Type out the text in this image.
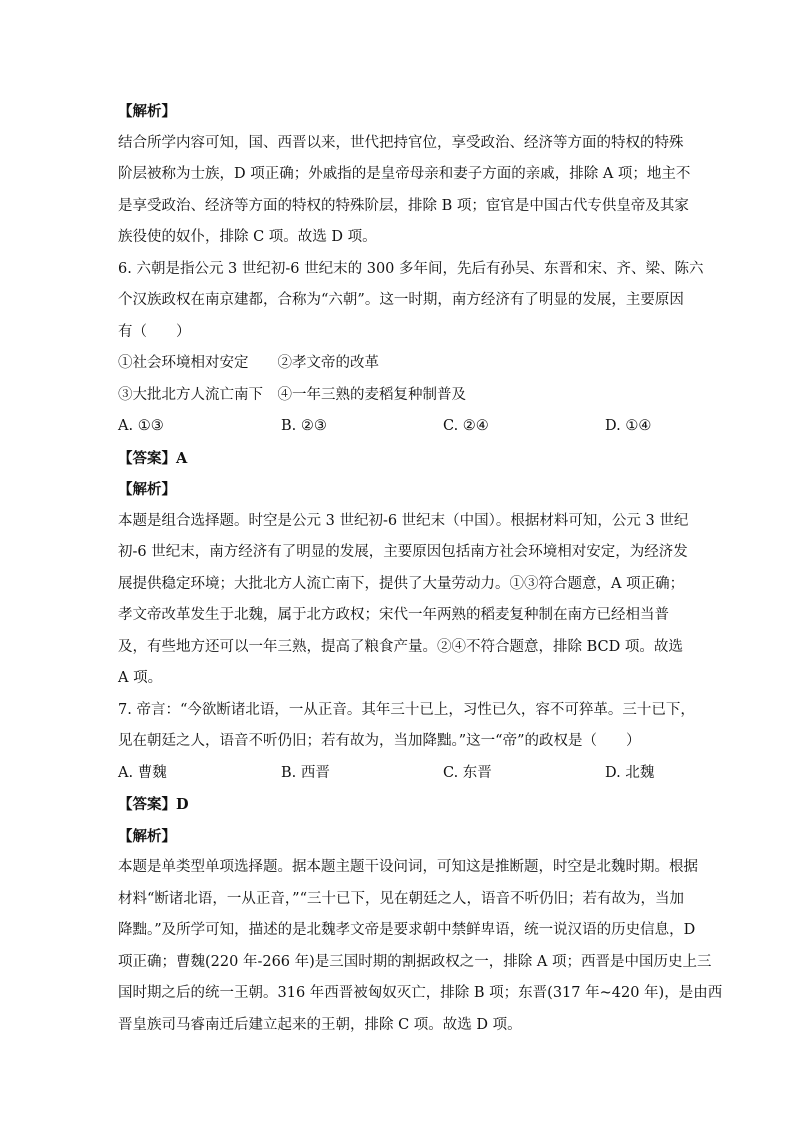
【解析】
结合所学内容可知，国、西晋以来，世代把持官位，享受政治、经济等方面的特权的特殊
阶层被称为士族，D 项正确；外戚指的是皇帝母亲和妻子方面的亲戚，排除 A 项；地主不
是享受政治、经济等方面的特权的特殊阶层，排除 B 项；宦官是中国古代专供皇帝及其家
族役使的奴仆，排除 C 项。故选 D 项。
6. 六朝是指公元 3 世纪初-6 世纪末的 300 多年间，先后有孙吴、东晋和宋、齐、梁、陈六
个汉族政权在南京建都，合称为“六朝”。这一时期，南方经济有了明显的发展，主要原因
有（　　）
①社会环境相对安定　　②孝文帝的改革
③大批北方人流亡南下　④一年三熟的麦稻复种制普及
A. ①③	B. ②③	C. ②④	D. ①④
【答案】A
【解析】
本题是组合选择题。时空是公元 3 世纪初-6 世纪末（中国）。根据材料可知，公元 3 世纪
初-6 世纪末，南方经济有了明显的发展，主要原因包括南方社会环境相对安定，为经济发
展提供稳定环境；大批北方人流亡南下，提供了大量劳动力。①③符合题意，A 项正确；
孝文帝改革发生于北魏，属于北方政权；宋代一年两熟的稻麦复种制在南方已经相当普
及，有些地方还可以一年三熟，提高了粮食产量。②④不符合题意，排除 BCD 项。故选
A 项。
7. 帝言：“今欲断诸北语，一从正音。其年三十已上，习性已久，容不可猝革。三十已下，
见在朝廷之人，语音不听仍旧；若有故为，当加降黜。”这一“帝”的政权是（　　）
A. 曹魏	B. 西晋	C. 东晋	D. 北魏
【答案】D
【解析】
本题是单类型单项选择题。据本题主题干设问词，可知这是推断题，时空是北魏时期。根据
材料“断诸北语，一从正音，”“三十已下，见在朝廷之人，语音不听仍旧；若有故为，当加
降黜。”及所学可知，描述的是北魏孝文帝是要求朝中禁鲜卑语，统一说汉语的历史信息，D
项正确；曹魏(220 年-266 年)是三国时期的割据政权之一，排除 A 项；西晋是中国历史上三
国时期之后的统一王朝。316 年西晋被匈奴灭亡，排除 B 项；东晋(317 年~420 年)，是由西
晋皇族司马睿南迁后建立起来的王朝，排除 C 项。故选 D 项。
